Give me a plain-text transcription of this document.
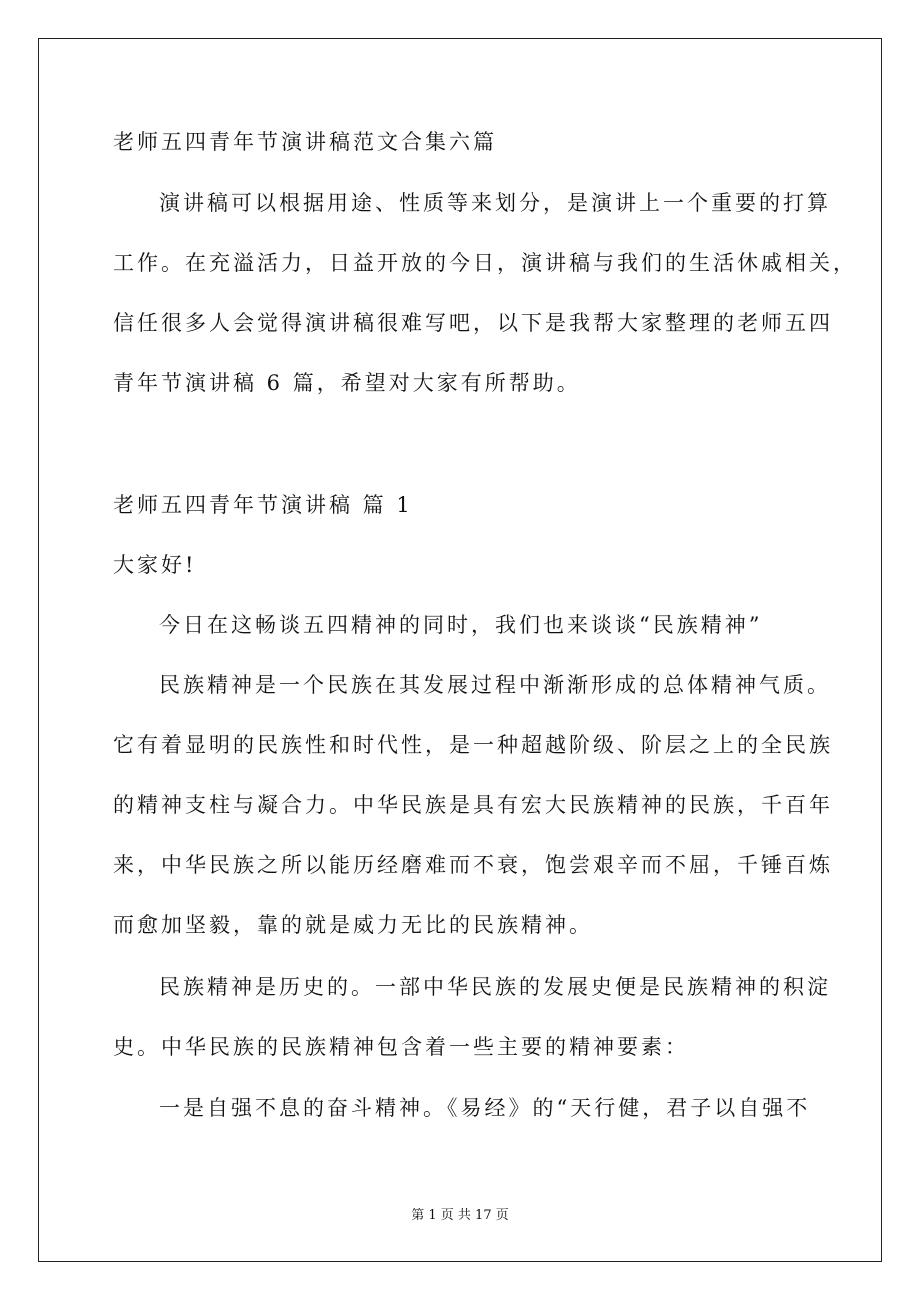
老师五四青年节演讲稿范文合集六篇
演讲稿可以根据用途、性质等来划分，是演讲上一个重要的打算
工作。在充溢活力，日益开放的今日，演讲稿与我们的生活休戚相关，
信任很多人会觉得演讲稿很难写吧，以下是我帮大家整理的老师五四
青年节演讲稿 6 篇，希望对大家有所帮助。
老师五四青年节演讲稿 篇 1
大家好!
今日在这畅谈五四精神的同时，我们也来谈谈“民族精神”
民族精神是一个民族在其发展过程中渐渐形成的总体精神气质。
它有着显明的民族性和时代性，是一种超越阶级、阶层之上的全民族
的精神支柱与凝合力。中华民族是具有宏大民族精神的民族，千百年
来，中华民族之所以能历经磨难而不衰，饱尝艰辛而不屈，千锤百炼
而愈加坚毅，靠的就是威力无比的民族精神。
民族精神是历史的。一部中华民族的发展史便是民族精神的积淀
史。中华民族的民族精神包含着一些主要的精神要素：
一是自强不息的奋斗精神。《易经》的“天行健，君子以自强不
第 1 页 共 17 页
